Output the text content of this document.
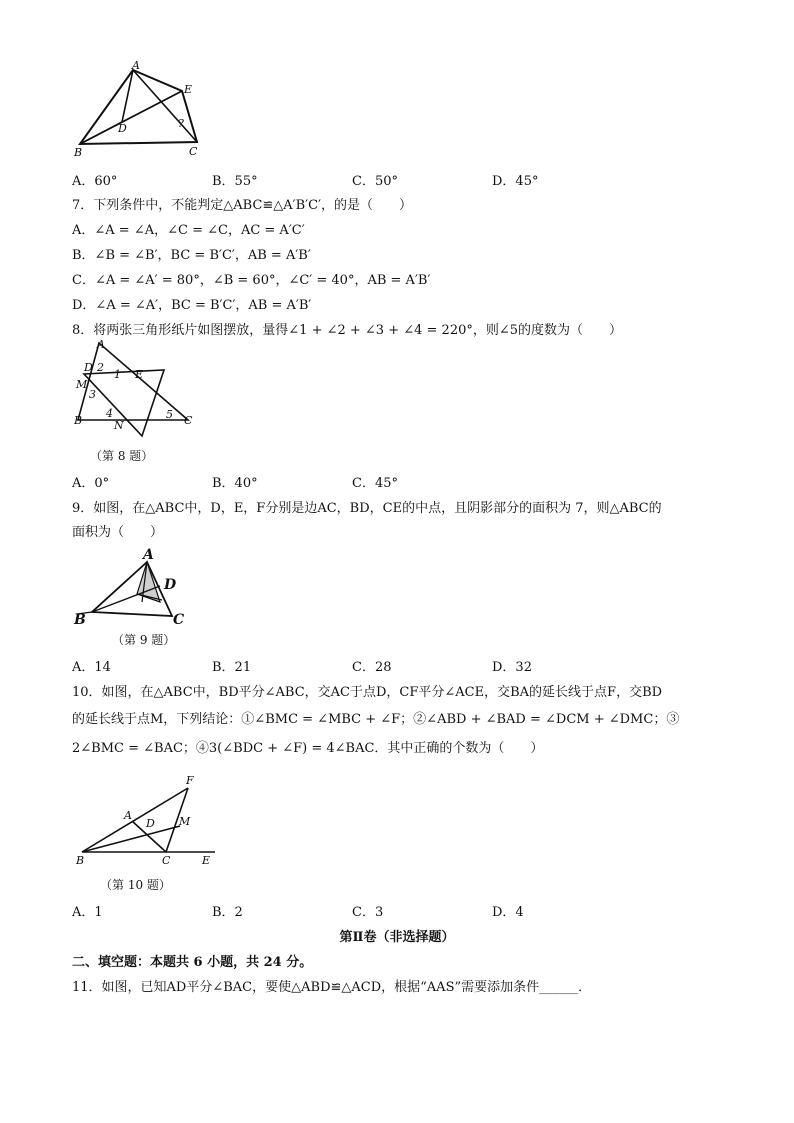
A
E
D
B	C
?
A．60°	B．55°	C．50°	D．45°
7．下列条件中，不能判定△ABC≌△A′B′C′，的是（　　）
A．∠A = ∠A，∠C = ∠C，AC = A′C′
B．∠B = ∠B′，BC = B′C′，AB = A′B′
C．∠A = ∠A′ = 80°，∠B = 60°，∠C′ = 40°，AB = A′B′
D．∠A = ∠A′，BC = B′C′，AB = A′B′
8．将两张三角形纸片如图摆放，量得∠1 + ∠2 + ∠3 + ∠4 = 220°，则∠5的度数为（　　）
A
D 2
1 E
M
3
B
4
N
5 C
（第 8 题）
A．0°	B．40°	C．45°
9．如图，在△ABC中，D，E，F分别是边AC，BD，CE的中点，且阴影部分的面积为 7，则△ABC的
面积为（　　）
A
D
B	C
（第 9 题）
A．14	B．21	C．28	D．32
10．如图，在△ABC中，BD平分∠ABC，交AC于点D，CF平分∠ACE，交BA的延长线于点F，交BD
的延长线于点M，下列结论：①∠BMC = ∠MBC + ∠F；②∠ABD + ∠BAD = ∠DCM + ∠DMC；③
2∠BMC = ∠BAC；④3(∠BDC + ∠F) = 4∠BAC．其中正确的个数为（　　）
F
A
D M
B	C	E
（第 10 题）
A．1	B．2	C．3	D．4
第Ⅱ卷（非选择题）
二、填空题：本题共 6 小题，共 24 分。
11．如图，已知AD平分∠BAC，要使△ABD≌△ACD，根据“AAS”需要添加条件______．
